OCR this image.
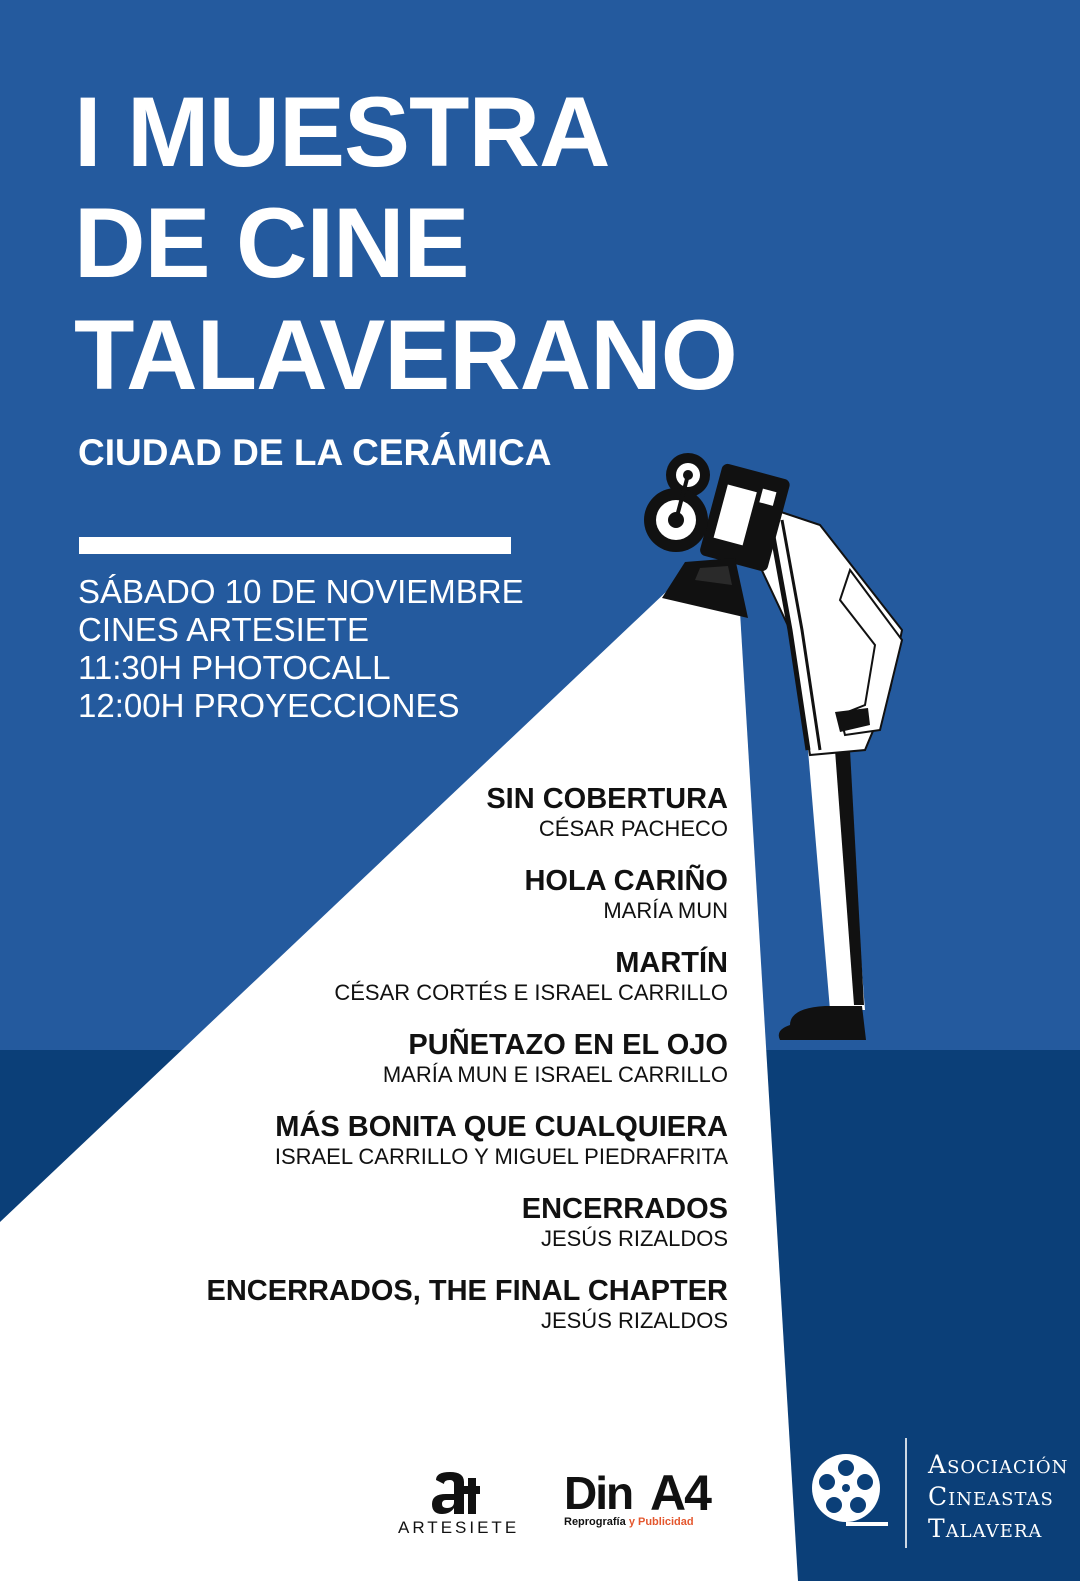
I MUESTRA
DE CINE
TALAVERANO
CIUDAD DE LA CERÁMICA
SÁBADO 10 DE NOVIEMBRE
CINES ARTESIETE
11:30H PHOTOCALL
12:00H PROYECCIONES
SIN COBERTURA
CÉSAR PACHECO
HOLA CARIÑO
MARÍA MUN
MARTÍN
CÉSAR CORTÉS E ISRAEL CARRILLO
PUÑETAZO EN EL OJO
MARÍA MUN E ISRAEL CARRILLO
MÁS BONITA QUE CUALQUIERA
ISRAEL CARRILLO Y MIGUEL PIEDRAFRITA
ENCERRADOS
JESÚS RIZALDOS
ENCERRADOS, THE FINAL CHAPTER
JESÚS RIZALDOS
ARTESIETE
Din A4
Reprografía y Publicidad
ASOCIACIÓN
CINEASTAS
TALAVERA
